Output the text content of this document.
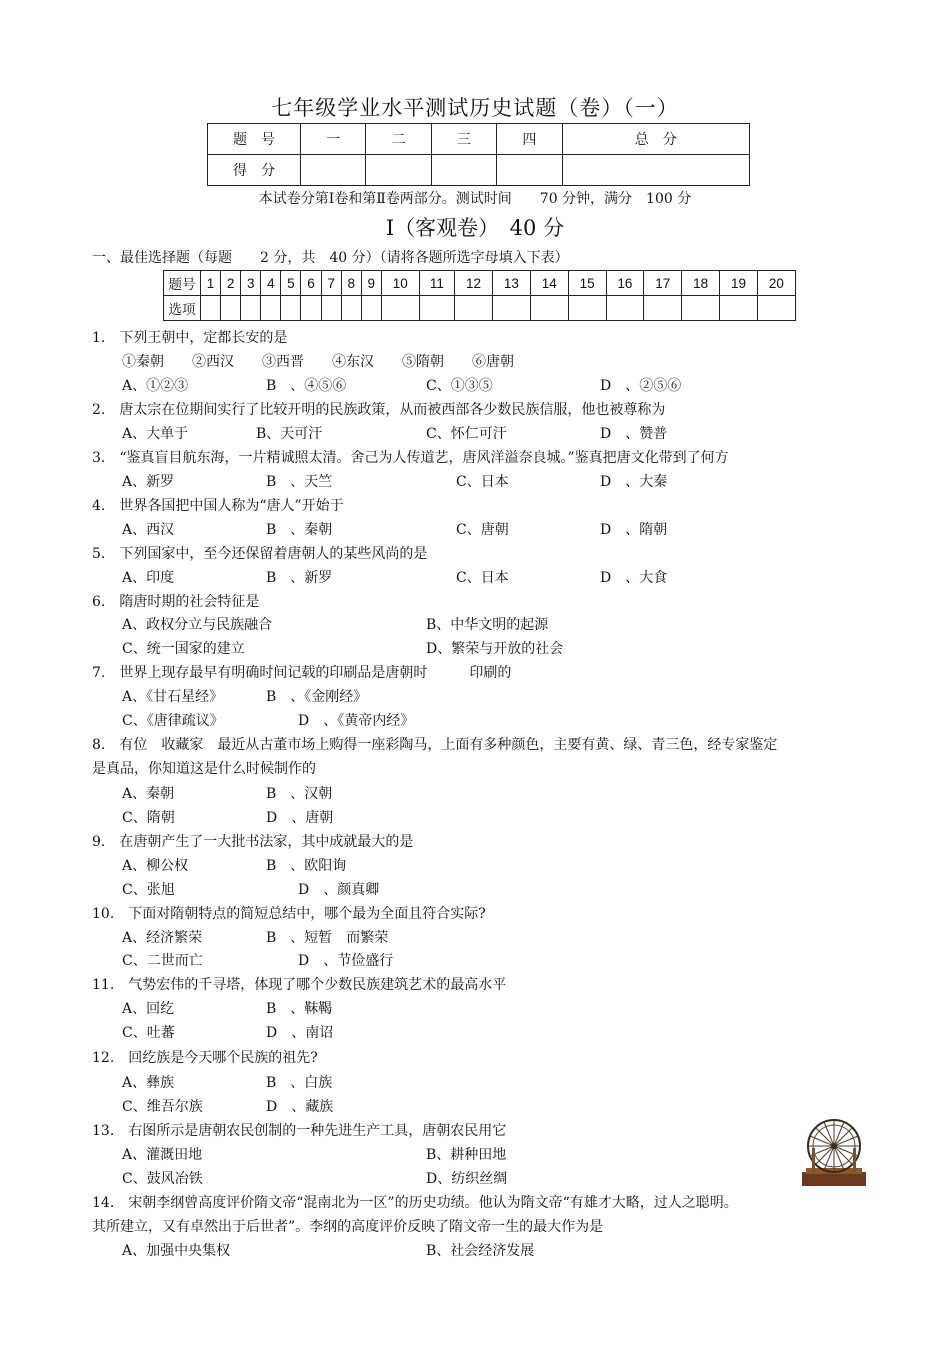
七年级学业水平测试历史试题（卷）（一）
题　号	一	二	三	四	总　分
得　分					
本试卷分第Ⅰ卷和第Ⅱ卷两部分。测试时间　　70 分钟，满分　100 分
Ⅰ（客观卷）　40 分
一、最佳选择题（每题　　2 分，共　40 分）（请将各题所选字母填入下表）
题号	1	2	3	4	5	6	7	8	9	10	11	12	13	14	15	16	17	18	19	20
选项																				
1.　下列王朝中，定都长安的是
①秦朝　　②西汉　　③西晋　　④东汉　　⑤隋朝　　⑥唐朝
A、①②③	B　、④⑤⑥	C、①③⑤	D　、②⑤⑥
2.　唐太宗在位期间实行了比较开明的民族政策，从而被西部各少数民族信服，他也被尊称为
A、大单于	B、天可汗	C、怀仁可汗	D　、赞普
3.　“鉴真盲目航东海，一片精诚照太清。舍己为人传道艺，唐风洋溢奈良城。”鉴真把唐文化带到了何方
A、新罗	B　、天竺	C、日本	D　、大秦
4.　世界各国把中国人称为“唐人”开始于
A、西汉	B　、秦朝	C、唐朝	D　、隋朝
5.　下列国家中，至今还保留着唐朝人的某些风尚的是
A、印度	B　、新罗	C、日本	D　、大食
6.　隋唐时期的社会特征是
A、政权分立与民族融合	B、中华文明的起源
C、统一国家的建立	D、繁荣与开放的社会
7.　世界上现存最早有明确时间记载的印刷品是唐朝时　　　印刷的
A、《甘石星经》	B　、《金刚经》
C、《唐律疏议》	D　、《黄帝内经》
8.　有位　收藏家　最近从古董市场上购得一座彩陶马，上面有多种颜色，主要有黄、绿、青三色，经专家鉴定
是真品，你知道这是什么时候制作的
A、秦朝	B　、汉朝
C、隋朝	D　、唐朝
9.　在唐朝产生了一大批书法家，其中成就最大的是
A、柳公权	B　、欧阳询
C、张旭	D　、颜真卿
10.　下面对隋朝特点的简短总结中，哪个最为全面且符合实际?
A、经济繁荣	B　、短暂　而繁荣
C、二世而亡	D　、节俭盛行
11.　气势宏伟的千寻塔，体现了哪个少数民族建筑艺术的最高水平
A、回纥	B　、靺鞨
C、吐蕃	D　、南诏
12.　回纥族是今天哪个民族的祖先?
A、彝族	B　、白族
C、维吾尔族	D　、藏族
13.　右图所示是唐朝农民创制的一种先进生产工具，唐朝农民用它
A、灌溉田地	B、耕种田地
C、鼓风冶铁	D、纺织丝绸
14.　宋朝李纲曾高度评价隋文帝“混南北为一区”的历史功绩。他认为隋文帝“有雄才大略，过人之聪明。
其所建立，又有卓然出于后世者”。李纲的高度评价反映了隋文帝一生的最大作为是
A、加强中央集权	B、社会经济发展
